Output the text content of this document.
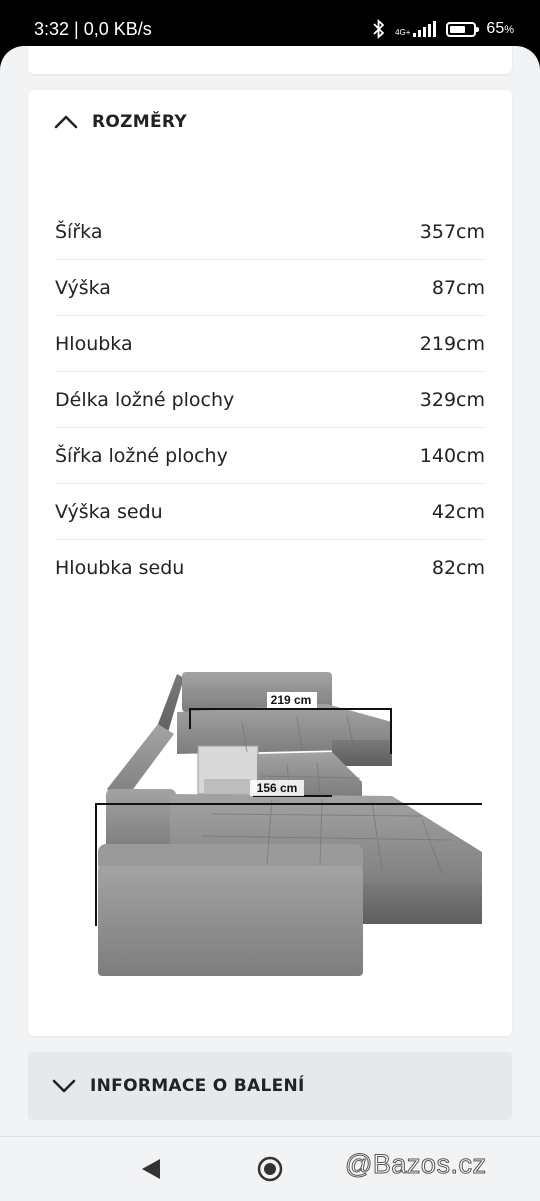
3:32 | 0,0 KB/s	4G+	65%
ROZMĚRY
Šířka	357cm
Výška	87cm
Hloubka	219cm
Délka ložné plochy	329cm
Šířka ložné plochy	140cm
Výška sedu	42cm
Hloubka sedu	82cm
219 cm
156 cm
INFORMACE O BALENÍ
@Bazos.cz
